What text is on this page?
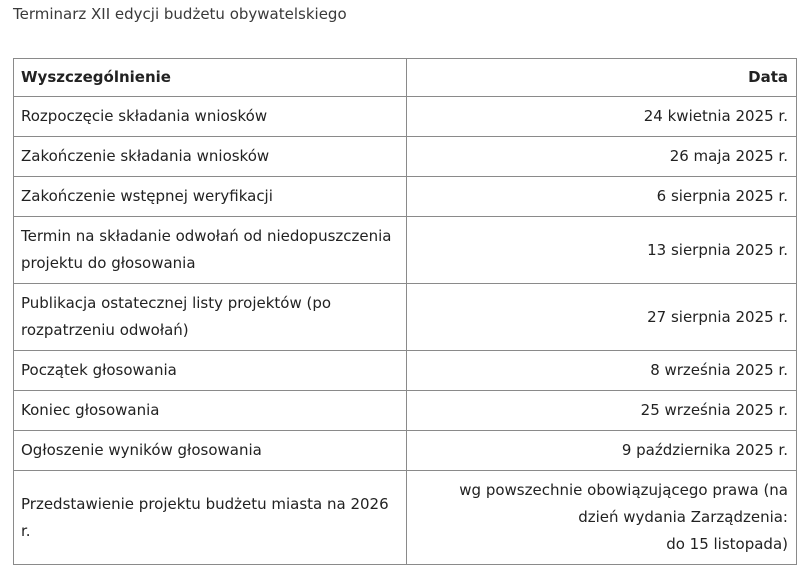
Terminarz XII edycji budżetu obywatelskiego
Wyszczególnienie	Data
Rozpoczęcie składania wniosków	24 kwietnia 2025 r.
Zakończenie składania wniosków	26 maja 2025 r.
Zakończenie wstępnej weryfikacji	6 sierpnia 2025 r.
Termin na składanie odwołań od niedopuszczenia projektu do głosowania	13 sierpnia 2025 r.
Publikacja ostatecznej listy projektów (po rozpatrzeniu odwołań)	27 sierpnia 2025 r.
Początek głosowania	8 września 2025 r.
Koniec głosowania	25 września 2025 r.
Ogłoszenie wyników głosowania	9 października 2025 r.
Przedstawienie projektu budżetu miasta na 2026 r.	wg powszechnie obowiązującego prawa (na
dzień wydania Zarządzenia:
do 15 listopada)
